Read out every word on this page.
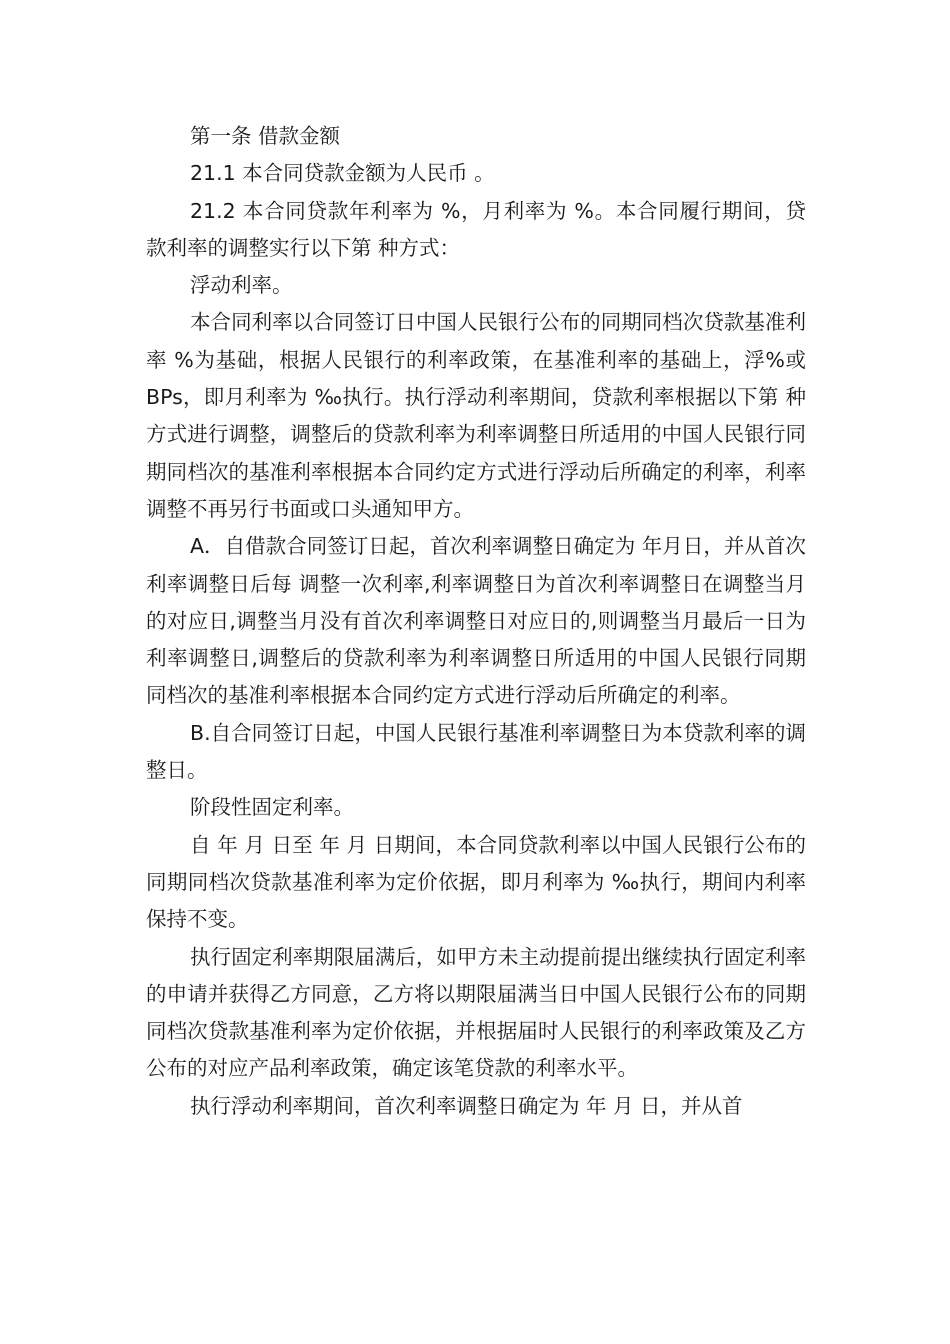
第一条 借款金额

21.1 本合同贷款金额为人民币 。

21.2 本合同贷款年利率为 %，月利率为 %。本合同履行期间，贷款利率的调整实行以下第 种方式：

浮动利率。

本合同利率以合同签订日中国人民银行公布的同期同档次贷款基准利率 %为基础，根据人民银行的利率政策，在基准利率的基础上，浮%或 BPs，即月利率为 ‰执行。执行浮动利率期间，贷款利率根据以下第 种方式进行调整，调整后的贷款利率为利率调整日所适用的中国人民银行同期同档次的基准利率根据本合同约定方式进行浮动后所确定的利率，利率调整不再另行书面或口头通知甲方。

A．自借款合同签订日起，首次利率调整日确定为 年月日，并从首次利率调整日后每 调整一次利率,利率调整日为首次利率调整日在调整当月的对应日,调整当月没有首次利率调整日对应日的,则调整当月最后一日为利率调整日,调整后的贷款利率为利率调整日所适用的中国人民银行同期同档次的基准利率根据本合同约定方式进行浮动后所确定的利率。

B.自合同签订日起，中国人民银行基准利率调整日为本贷款利率的调整日。

阶段性固定利率。

自 年 月 日至 年 月 日期间，本合同贷款利率以中国人民银行公布的同期同档次贷款基准利率为定价依据，即月利率为 ‰执行，期间内利率保持不变。

执行固定利率期限届满后，如甲方未主动提前提出继续执行固定利率的申请并获得乙方同意，乙方将以期限届满当日中国人民银行公布的同期同档次贷款基准利率为定价依据，并根据届时人民银行的利率政策及乙方公布的对应产品利率政策，确定该笔贷款的利率水平。

执行浮动利率期间，首次利率调整日确定为 年 月 日，并从首
